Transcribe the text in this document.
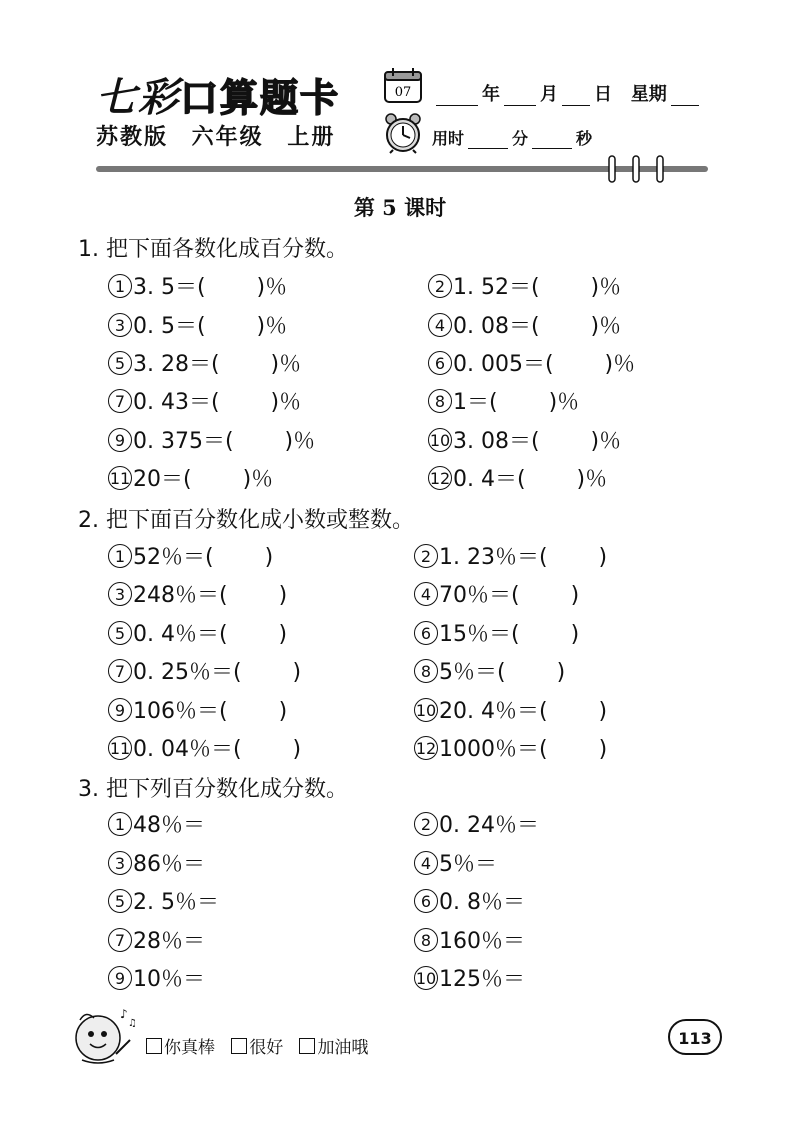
七彩口算题卡
苏教版 六年级 上册
07	年 月 日 星期
用时	分	秒
第 5 课时
1. 把下面各数化成百分数。
2. 把下面百分数化成小数或整数。
3. 把下列百分数化成分数。
1 3. 5＝(　　 )％
3 0. 5＝(　　 )％
5 3. 28＝(　　 )％
7 0. 43＝(　　 )％
9 0. 375＝(　　 )％
11 20＝(　　 )％
2 1. 52＝(　　 )％
4 0. 08＝(　　 )％
6 0. 005＝(　　 )％
8 1＝(　　 )％
10 3. 08＝(　　 )％
12 0. 4＝(　　 )％
1 52％＝(　　 )
3 248％＝(　　 )
5 0. 4％＝(　　 )
7 0. 25％＝(　　 )
9 106％＝(　　 )
11 0. 04％＝(　　 )
2 1. 23％＝(　　 )
4 70％＝(　　 )
6 15％＝(　　 )
8 5％＝(　　 )
10 20. 4％＝(　　 )
12 1000％＝(　　 )
1 48％＝
3 86％＝
5 2. 5％＝
7 28％＝
9 10％＝
2 0. 24％＝
4 5％＝
6 0. 8％＝
8 160％＝
10 125％＝
♪
♫
你真棒 很好 加油哦	113
